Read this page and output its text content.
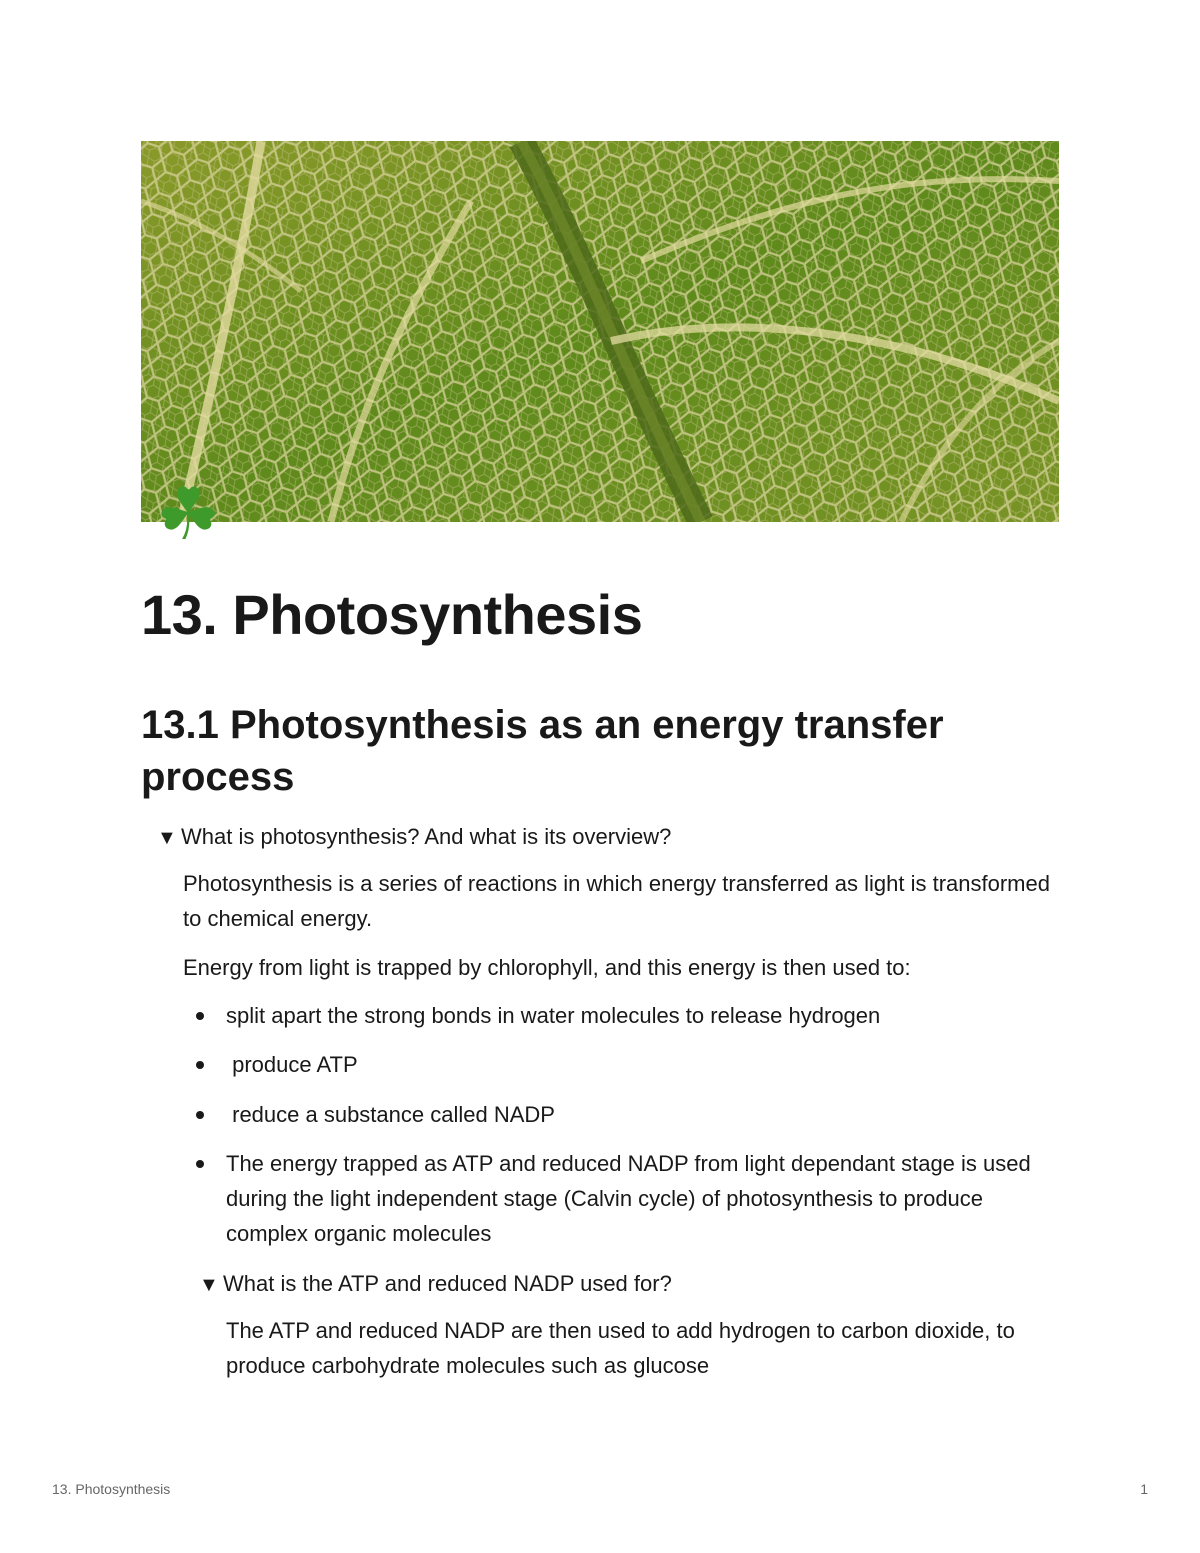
☘
13. Photosynthesis
13.1 Photosynthesis as an energy transfer process
▼ What is photosynthesis? And what is its overview?

Photosynthesis is a series of reactions in which energy transferred as light is transformed to chemical energy.

Energy from light is trapped by chlorophyll, and this energy is then used to:

split apart the strong bonds in water molecules to release hydrogen
produce ATP
reduce a substance called NADP
The energy trapped as ATP and reduced NADP from light dependant stage is used during the light independent stage (Calvin cycle) of photosynthesis to produce complex organic molecules
▼ What is the ATP and reduced NADP used for?

The ATP and reduced NADP are then used to add hydrogen to carbon dioxide, to produce carbohydrate molecules such as glucose

13. Photosynthesis	1
